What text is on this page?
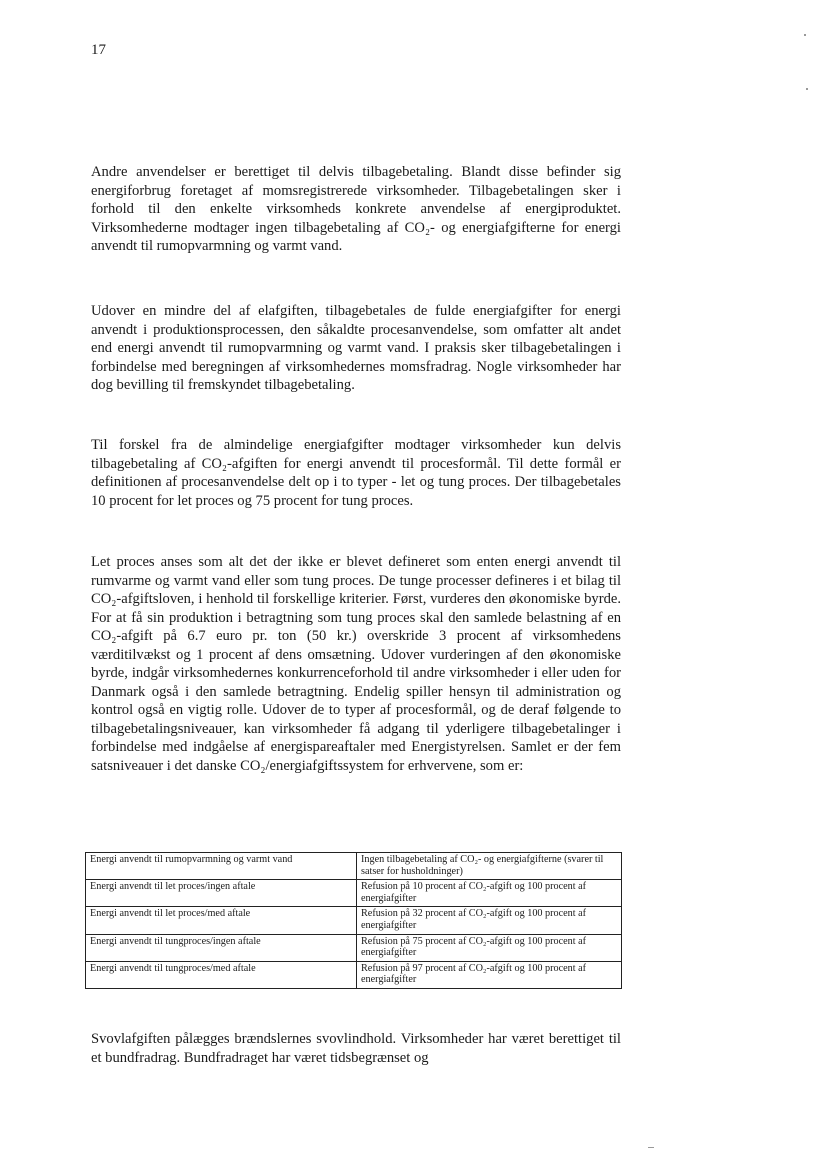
17

Andre anvendelser er berettiget til delvis tilbagebetaling. Blandt disse befinder sig energiforbrug foretaget af momsregistrerede virksomheder. Tilbagebetalingen sker i forhold til den enkelte virksomheds konkrete anvendelse af energiproduktet. Virksomhederne modtager ingen tilbagebetaling af CO₂- og energiafgifterne for energi anvendt til rumopvarmning og varmt vand.

Udover en mindre del af elafgiften, tilbagebetales de fulde energiafgifter for energi anvendt i produktionsprocessen, den såkaldte procesanvendelse, som omfatter alt andet end energi anvendt til rumopvarmning og varmt vand. I praksis sker tilbagebetalingen i forbindelse med beregningen af virksomhedernes momsfradrag. Nogle virksomheder har dog bevilling til fremskyndet tilbagebetaling.

Til forskel fra de almindelige energiafgifter modtager virksomheder kun delvis tilbagebetaling af CO₂-afgiften for energi anvendt til procesformål. Til dette formål er definitionen af procesanvendelse delt op i to typer - let og tung proces. Der tilbagebetales 10 procent for let proces og 75 procent for tung proces.

Let proces anses som alt det der ikke er blevet defineret som enten energi anvendt til rumvarme og varmt vand eller som tung proces. De tunge processer defineres i et bilag til CO₂-afgiftsloven, i henhold til forskellige kriterier. Først, vurderes den økonomiske byrde. For at få sin produktion i betragtning som tung proces skal den samlede belastning af en CO₂-afgift på 6.7 euro pr. ton (50 kr.) overskride 3 procent af virksomhedens værditilvækst og 1 procent af dens omsætning. Udover vurderingen af den økonomiske byrde, indgår virksomhedernes konkurrenceforhold til andre virksomheder i eller uden for Danmark også i den samlede betragtning. Endelig spiller hensyn til administration og kontrol også en vigtig rolle. Udover de to typer af procesformål, og de deraf følgende to tilbagebetalingsniveauer, kan virksomheder få adgang til yderligere tilbagebetalinger i forbindelse med indgåelse af energispareaftaler med Energistyrelsen. Samlet er der fem satsniveauer i det danske CO₂/energiafgiftssystem for erhvervene, som er:

Energi anvendt til rumopvarmning og varmt vand	Ingen tilbagebetaling af CO₂- og energiafgifterne (svarer til satser for husholdninger)
Energi anvendt til let proces/ingen aftale	Refusion på 10 procent af CO₂-afgift og 100 procent af energiafgifter
Energi anvendt til let proces/med aftale	Refusion på 32 procent af CO₂-afgift og 100 procent af energiafgifter
Energi anvendt til tungproces/ingen aftale	Refusion på 75 procent af CO₂-afgift og 100 procent af energiafgifter
Energi anvendt til tungproces/med aftale	Refusion på 97 procent af CO₂-afgift og 100 procent af energiafgifter

Svovlafgiften pålægges brændslernes svovlindhold. Virksomheder har været berettiget til et bundfradrag. Bundfradraget har været tidsbegrænset og
